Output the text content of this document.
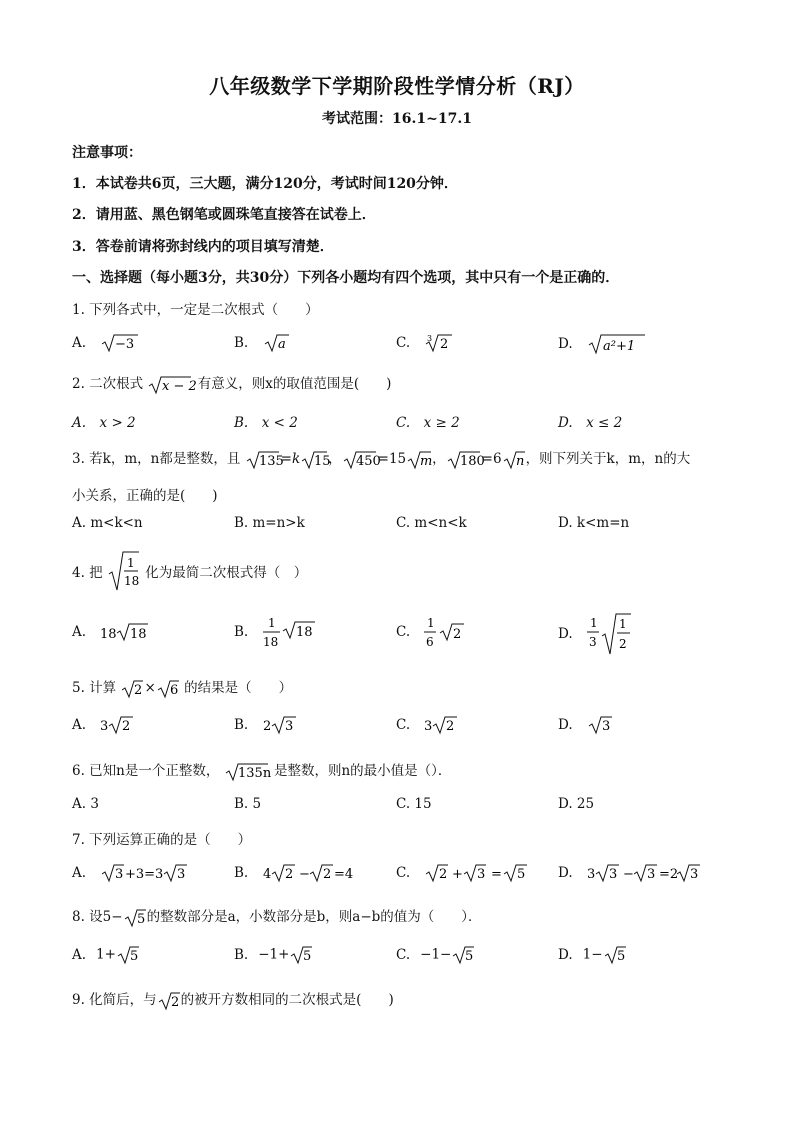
八年级数学下学期阶段性学情分析（RJ）
考试范围：16.1~17.1
注意事项：
1．本试卷共6页，三大题，满分120分，考试时间120分钟．
2．请用蓝、黑色钢笔或圆珠笔直接答在试卷上．
3．答卷前请将弥封线内的项目填写清楚．
一、选择题（每小题3分，共30分）下列各小题均有四个选项，其中只有一个是正确的．
1. 下列各式中，一定是二次根式（　　）
A. −3	B. a	C. 3 2	D. a²+1
2. 二次根式 x − 2 有意义，则x的取值范围是(　　)
A.　x > 2	B.　x < 2	C.　x ≥ 2	D.　x ≤ 2
3. 若k，m，n都是整数，且 135
=k 15
， 450
=15 m ， 180
=6 n ，则下列关于k，m，n的大
小关系，正确的是(　　)
A. m<k<n	B. m=n>k	C. m<n<k	D. k<m=n
4. 把
1
18 化为最简二次根式得（　）
A. 18 18	B.
1
18
18	C.
1
6 2	D.
1
3
1
2
5. 计算 2 × 6 的结果是（　　）
A. 3 2	B. 2 3	C. 3 2	D. 3
6. 已知n是一个正整数， 135n 是整数，则n的最小值是（）．
A. 3	B. 5	C. 15	D. 25
7. 下列运算正确的是（　　）
A. 3 +3=3 3	B. 4 2 − 2 =4	C. 2 + 3 = 5 D. 3 3 − 3 =2 3
8. 设5− 5 的整数部分是a，小数部分是b，则a−b的值为（　　）．
A. 1+ 5	B. −1+ 5	C. −1− 5	D. 1− 5
9. 化简后，与 2 的被开方数相同的二次根式是(　　)
